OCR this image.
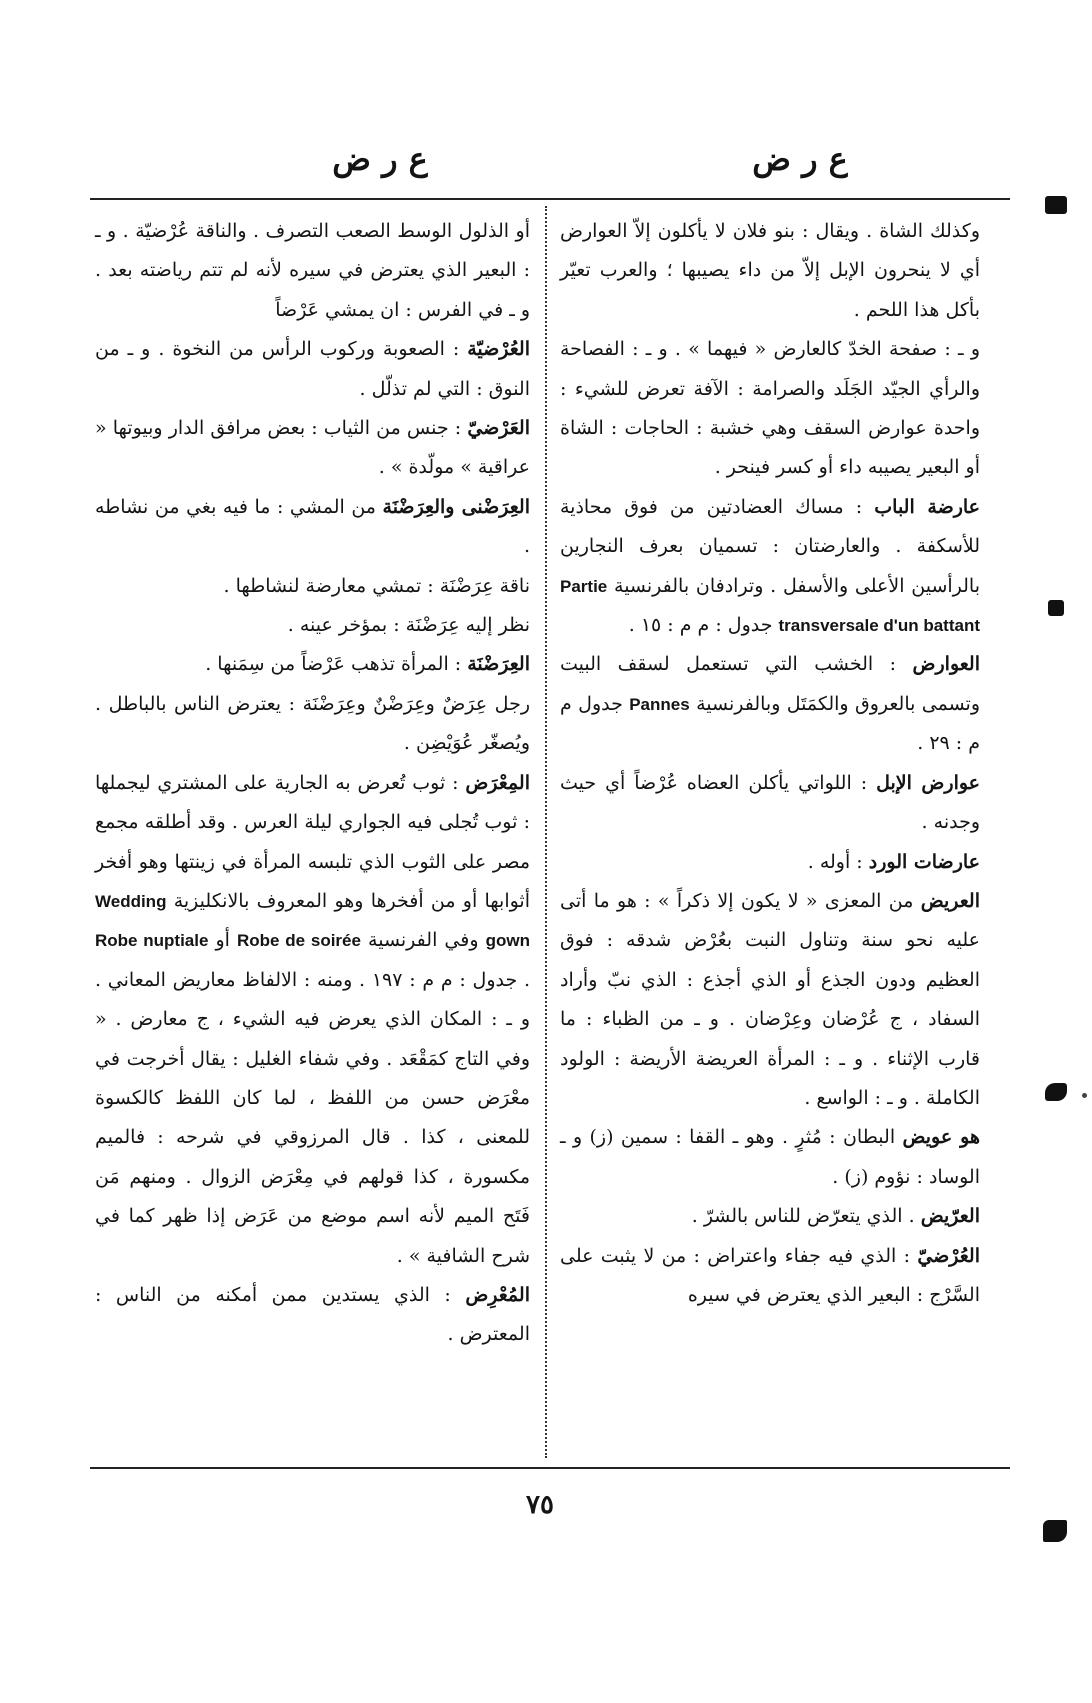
ع ر ض
ع ر ض

وكذلك الشاة . ويقال : بنو فلان لا يأكلون إلاّ العوارض أي لا ينحرون الإبل إلاّ من داء يصيبها ؛ والعرب تعيّر بأكل هذا اللحم .

و ـ : صفحة الخدّ كالعارض « فيهما » . و ـ : الفصاحة والرأي الجيّد الجَلَد والصرامة : الآفة تعرض للشيء : واحدة عوارض السقف وهي خشبة : الحاجات : الشاة أو البعير يصيبه داء أو كسر فينحر .

عارضة الباب : مساك العضادتين من فوق محاذية للأسكفة . والعارضتان : تسميان بعرف النجارين بالرأسين الأعلى والأسفل . وترادفان بالفرنسية Partie transversale d'un battant جدول : م م : ١٥ .

العوارض : الخشب التي تستعمل لسقف البيت وتسمى بالعروق والكمَتَل وبالفرنسية Pannes جدول م م : ٢٩ .

عوارض الإبل : اللواتي يأكلن العضاه عُرْضاً أي حيث وجدنه .

عارضات الورد : أوله .

العريض من المعزى « لا يكون إلا ذكراً » : هو ما أتى عليه نحو سنة وتناول النبت بعُرْض شدقه : فوق العظيم ودون الجذع أو الذي أجذع : الذي نبّ وأراد السفاد ، ج عُرْضان وعِرْضان . و ـ من الظباء : ما قارب الإثناء . و ـ : المرأة العريضة الأريضة : الولود الكاملة . و ـ : الواسع .

هو عويض البطان : مُثرٍ . وهو ـ القفا : سمين (ز) و ـ الوساد : نؤوم (ز) .

العرّيض . الذي يتعرّض للناس بالشرّ .

العُرْضيّ : الذي فيه جفاء واعتراض : من لا يثبت على السَّرْج : البعير الذي يعترض في سيره

أو الذلول الوسط الصعب التصرف . والناقة عُرْضيّة . و ـ : البعير الذي يعترض في سيره لأنه لم تتم رياضته بعد . و ـ في الفرس : ان يمشي عَرْضاً

العُرْضيّة : الصعوبة وركوب الرأس من النخوة . و ـ من النوق : التي لم تذلّل .

العَرْضيّ : جنس من الثياب : بعض مرافق الدار وبيوتها « عراقية » مولّدة » .

العِرَضْنى والعِرَضْنَة من المشي : ما فيه بغي من نشاطه .

ناقة عِرَضْنَة : تمشي معارضة لنشاطها .

نظر إليه عِرَضْنَة : بمؤخر عينه .

العِرَضْنَة : المرأة تذهب عَرْضاً من سِمَنها .

رجل عِرَضٌ وعِرَضْنٌ وعِرَضْنَة : يعترض الناس بالباطل . ويُصغّر عُوَيْضِن .

المِعْرَض : ثوب تُعرض به الجارية على المشتري ليجملها : ثوب تُجلى فيه الجواري ليلة العرس . وقد أطلقه مجمع مصر على الثوب الذي تلبسه المرأة في زينتها وهو أفخر أثوابها أو من أفخرها وهو المعروف بالانكليزية Wedding gown وفي الفرنسية Robe de soirée أو Robe nuptiale . جدول : م م : ١٩٧ . ومنه : الالفاظ معاريض المعاني . و ـ : المكان الذي يعرض فيه الشيء ، ج معارض . « وفي التاج كمَقْعَد . وفي شفاء الغليل : يقال أخرجت في معْرَض حسن من اللفظ ، لما كان اللفظ كالكسوة للمعنى ، كذا . قال المرزوقي في شرحه : فالميم مكسورة ، كذا قولهم في مِعْرَض الزوال . ومنهم مَن فَتَح الميم لأنه اسم موضع من عَرَض إذا ظهر كما في شرح الشافية » .

المُعْرِض : الذي يستدين ممن أمكنه من الناس : المعترض .

٧٥
